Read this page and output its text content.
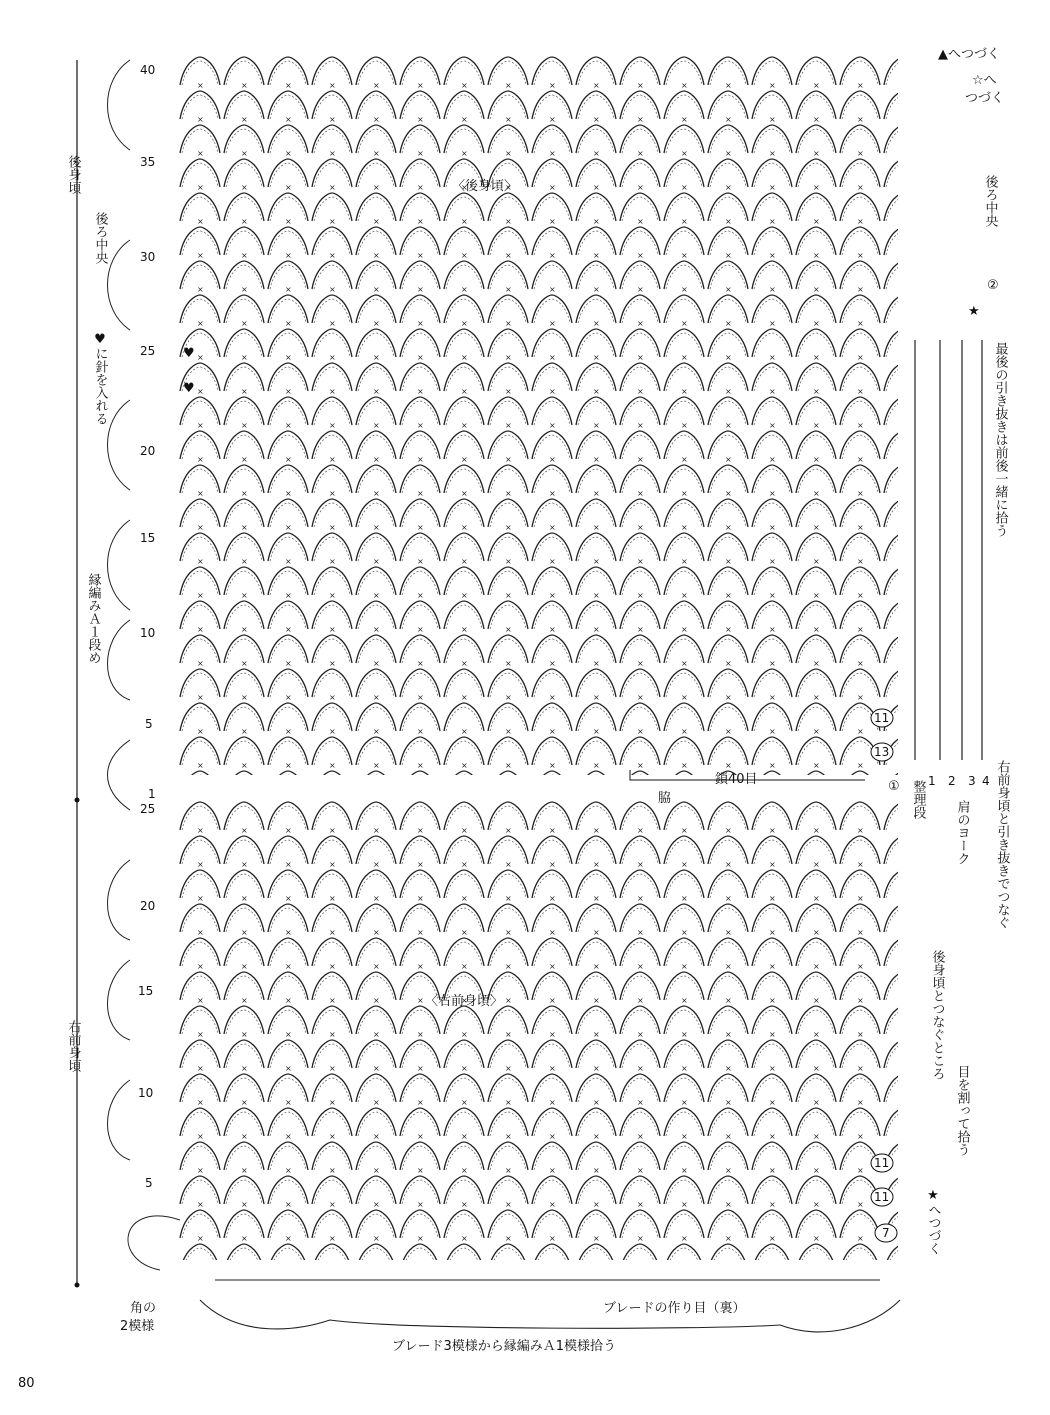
〈後身頃〉
〈右前身頃〉
40
35
30
25
20
15
10
5
1
25
20
15
10
5
♥
♥
後身頃
後ろ中央
♥に針を入れる
縁編みＡ１段め
右前身頃
角の
2模様
▲へつづく
☆へ
つづく
後ろ中央
★
最後の引き抜きは前後一緒に拾う
右前身頃と引き抜きでつなぐ
整理段
肩のヨーク
後身頃とつなぐところ
目を割って拾う
★へつづく
1 2 3 4
①
②
11
13
11
11
7
鎖40目
脇
ブレードの作り目（裏）
ブレード3模様から縁編みＡ1模様拾う
80
